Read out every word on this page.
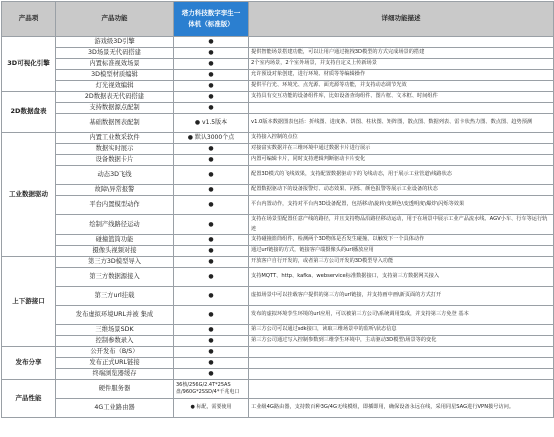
产品项	产品功能	塔力科技数字孪生一
体机（标准版）	详细功能描述
3D可视化引擎	游戏级3D引擎	●	
	3D场景无代码搭建	●	提供智能场景搭建功能，可以让用户通过拖拽3D模型的方式完成场景的搭建
	内置标准视效场景	●	2个室内场景，2个室外场景，并支持自定义上传新场景
	3D模型材质编辑	●	允许预设对象创建，进行环境、材质等等编辑操作
	灯光视效编辑	●	提供平行光、环境光、点光源、面光源等功能，并支持动态调节光效
2D数据盘表	2D数据表无代码搭建	●	支持具有交互功能的设备组件库，比如设备查询组件、图片框、文本框、时间组件
	支持数据源点配制	●	
	基础数据图表配制	● v1.5版本	v1.0版本数据图表包括：折线图、进度条、饼图、柱状图、矩阵图，散点图、数据列表、雷卡状热力图、数点图、趋势预测
工业数据驱动	内置工业数采软件	● 默认3000个点	支持接入控制的点位
	数据实时展示	●	对接富实数据并在三维环境中通过数据卡片进行展示
	设备数据卡片	●	内置可编辑卡片，同时支持逻辑判断驱动卡片变化
	动态3D飞线	●	配置3D模式的飞线效果，支持配置数据驱动下的飞线动态，用于展示工业管道\线路状态
	故障\异常报警	●	配置数据驱动下的设备报警灯、动态效果、闪烁、颜色报警等展示工业设备的状态
	平台内置模型动作	●	平台内置动作，支持对平台内3D设备配置，包括移动\旋转\变颜色\变透明度\爆炸\闪烁等效果
	绘制产线路径运动	●	支持在场景里配置任意产线的路径，并且支持物品沿路径移动运动，用于在场景中展示工业产品流水线、AGV小车、行车等运行轨迹
	碰撞篮筒功能	●	支持碰撞篮筒组件，检测两个3D物体是否发生碰撞，以触发下一个具体动作
	摄像头视频对接	●	通过url链接的方式，链接客户端摄像头的url播放应用
上下游接口	第三方3D模型导入	●	开放客户自行开发的，或者第三方公司开发的3D模型导入功能
	第三方数据源接入	●	支持MQTT、http、kafka、webservice标准数据接口，支持第三方数据网关接入
	第三方url挂载	●	虚拟场景中可以挂载客户提供的第三方的url链接，并支持画中画\新页面的方式打开
	发布虚拟环境URL并被 集成	●	发布的虚拟环境孪生环境的url应用，可以被第三方公司\系统调用集成，并支持第三方免登 基本
	三维场景SDK	●	第三方公司可以通过sdk接口，读取三维场景中的监听\状态信息
	控制参数录入	●	第三方公司通过写入控制参数到三维孪生环境中，主动驱动3D模型\场景等的变化
发布分享	公开发布（B/S）	●	
	发布正式URL链接	●	
	终端浏览器缓存	●	
产品性能	硬件服务器	36核/256G/2.4T*25AS盘/960G*2SSD/4*千兆电口	
	4G工业路由器	● 标配，需要使用	工业级4G路由器，支持数百种3G/4G无线模组，即插即用，确保设备永远在线，采用同星SAG进行VPN拨号访问。
